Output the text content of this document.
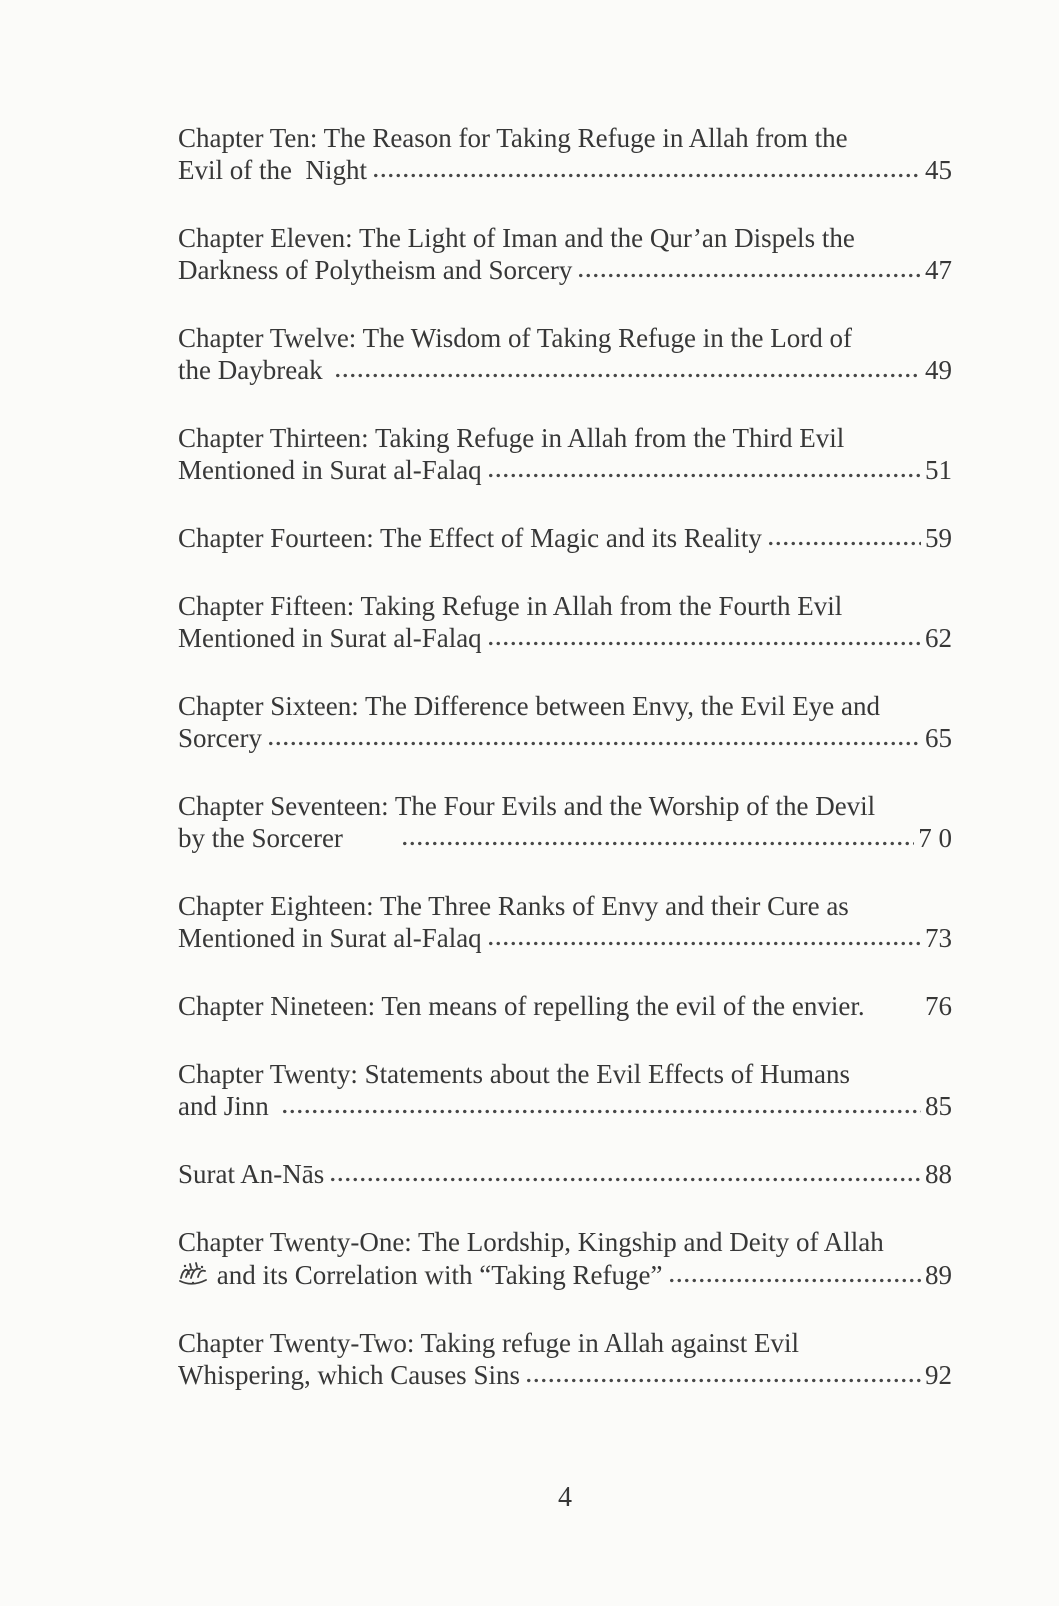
Chapter Ten: The Reason for Taking Refuge in Allah from the
Evil of the  Night	45
Chapter Eleven: The Light of Iman and the Qur’an Dispels the
Darkness of Polytheism and Sorcery	47
Chapter Twelve: The Wisdom of Taking Refuge in the Lord of
the Daybreak	49
Chapter Thirteen: Taking Refuge in Allah from the Third Evil
Mentioned in Surat al-Falaq	51
Chapter Fourteen: The Effect of Magic and its Reality	59
Chapter Fifteen: Taking Refuge in Allah from the Fourth Evil
Mentioned in Surat al-Falaq	62
Chapter Sixteen: The Difference between Envy, the Evil Eye and
Sorcery	65
Chapter Seventeen: The Four Evils and the Worship of the Devil
by the Sorcerer	7 0
Chapter Eighteen: The Three Ranks of Envy and their Cure as
Mentioned in Surat al-Falaq	73
Chapter Nineteen: Ten means of repelling the evil of the envier. 76
Chapter Twenty: Statements about the Evil Effects of Humans
and Jinn	85
Surat An-Nās	88
Chapter Twenty-One: The Lordship, Kingship and Deity of Allah
and its Correlation with “Taking Refuge”	89
Chapter Twenty-Two: Taking refuge in Allah against Evil
Whispering, which Causes Sins	92
4
